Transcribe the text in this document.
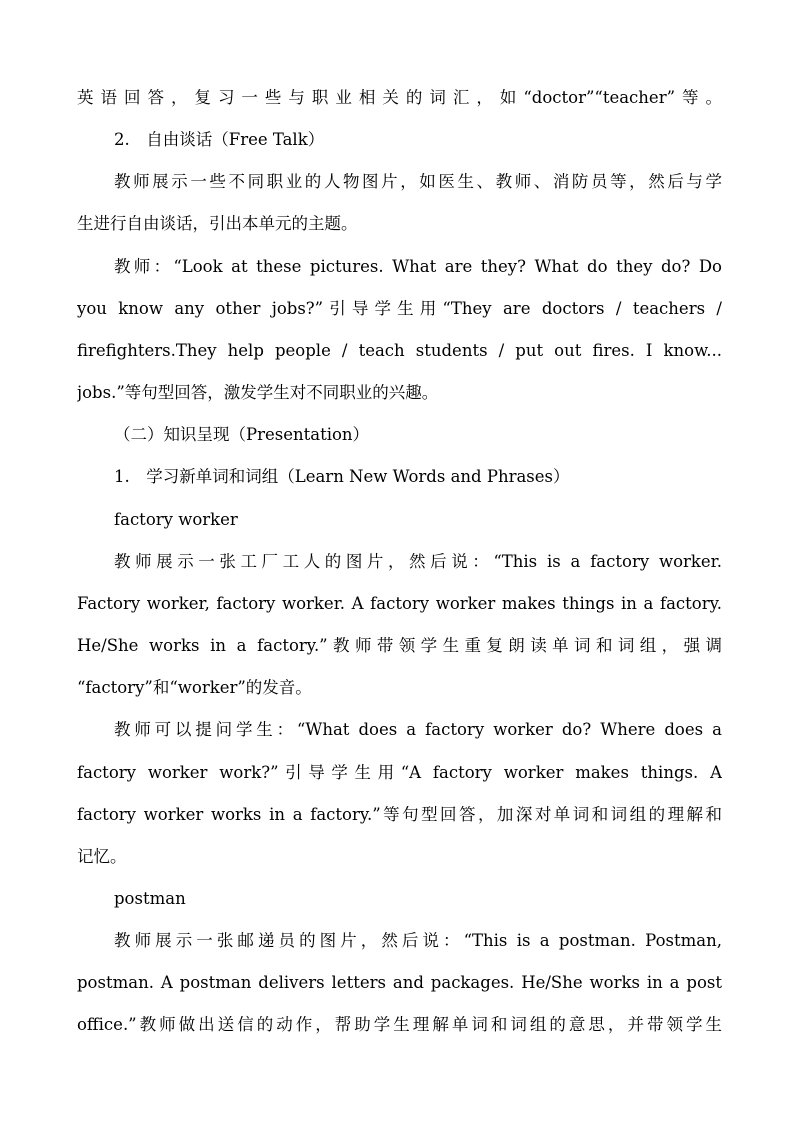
英语回答，复习一些与职业相关的词汇，如“doctor”“teacher”等。
2.　自由谈话（Free Talk）
教师展示一些不同职业的人物图片，如医生、教师、消防员等，然后与学
生进行自由谈话，引出本单元的主题。
教师：“Look at these pictures. What are they? What do they do? Do
you know any other jobs?”引导学生用“They are doctors / teachers /
firefighters.They help people / teach students / put out fires. I know...
jobs.”等句型回答，激发学生对不同职业的兴趣。
（二）知识呈现（Presentation）
1.　学习新单词和词组（Learn New Words and Phrases）
factory worker
教师展示一张工厂工人的图片，然后说：“This is a factory worker.
Factory worker, factory worker. A factory worker makes things in a factory.
He/She works in a factory.”教师带领学生重复朗读单词和词组，强调
“factory”和“worker”的发音。
教师可以提问学生：“What does a factory worker do? Where does a
factory worker work?”引导学生用“A factory worker makes things. A
factory worker works in a factory.”等句型回答，加深对单词和词组的理解和
记忆。
postman
教师展示一张邮递员的图片，然后说：“This is a postman. Postman,
postman. A postman delivers letters and packages. He/She works in a post
office.”教师做出送信的动作，帮助学生理解单词和词组的意思，并带领学生
